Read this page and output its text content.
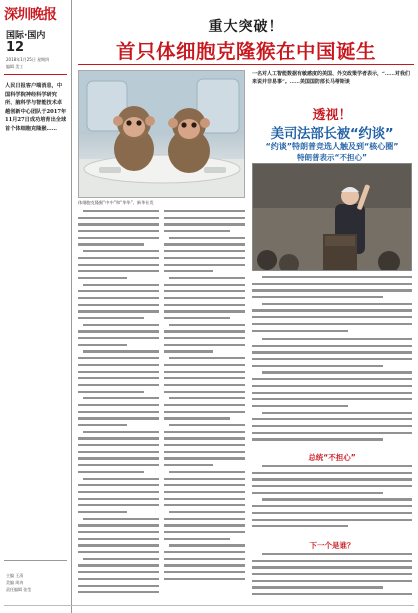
深圳晚报
国际·国内
12
2018年1月25日 星期四
编辑 美工
人民日报客户端消息，中国科学院神经科学研究所、脑科学与智能技术卓越创新中心团队于2017年11月27日成功培育出全球首个体细胞克隆猴……
主编 王清
美编 周冉
责任编辑 张莹
重大突破！
首只体细胞克隆猴在中国诞生
体细胞克隆猴“中中”和“华华”。新华社发
一名对人工智能数据有敏感度的美国、外交政策学者表示，“……对我们来说并非易事”。……美国国防部长马蒂斯谈
透视！
美司法部长被“约谈”
“约谈”特朗普竞选人触及到“核心圈”
特朗普表示“不担心”
总统“不担心”
下一个是谁？
